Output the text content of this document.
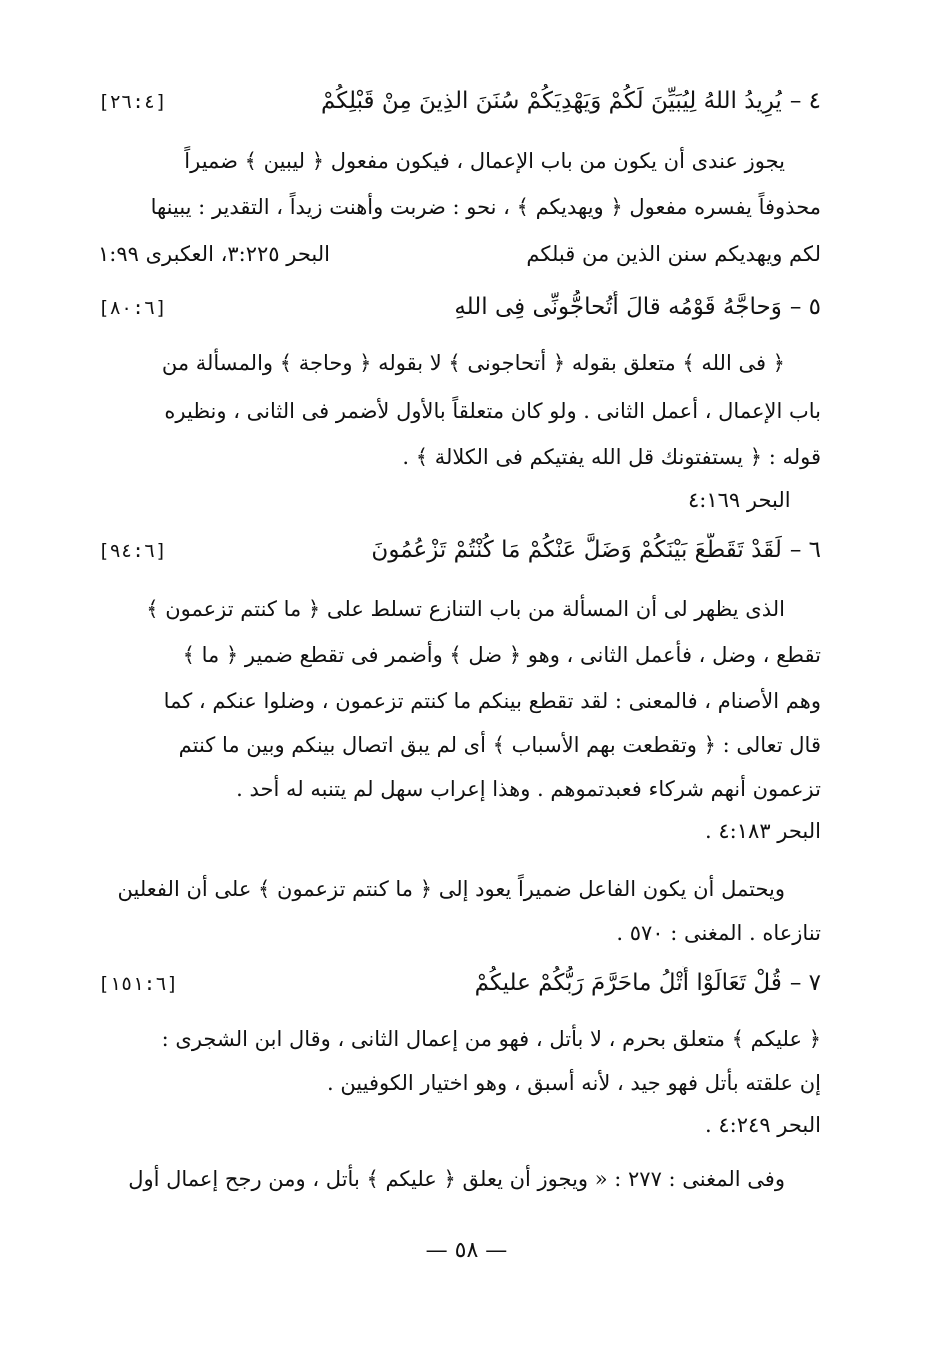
٤ –يُرِيدُ اللهُ لِيُبَيِّنَ لَكُمْ وَيَهْدِيَكُمْ سُنَنَ الذِينَ مِنْ قَبْلِكُمْ
[٢٦:٤]
يجوز عندى أن يكون من باب الإعمال ، فيكون مفعول ﴿ ليبين ﴾ ضميراً
محذوفاً يفسره مفعول ﴿ ويهديكم ﴾ ، نحو : ضربت وأهنت زيداً ، التقدير : يبينها
لكم ويهديكم سنن الذين من قبلكم
البحر ٣:٢٢٥، العكبرى ١:٩٩
٥ –وَحاجَّهُ قَوْمُه قالَ أَتُحاجُّونِّى فِى اللهِ
[٨٠:٦]
﴿ فى الله ﴾ متعلق بقوله ﴿ أتحاجونى ﴾ لا بقوله ﴿ وحاجة ﴾ والمسألة من
باب الإعمال ، أعمل الثانى . ولو كان متعلقاً بالأول لأضمر فى الثانى ، ونظيره
قوله : ﴿ يستفتونك قل الله يفتيكم فى الكلالة ﴾ .
البحر ٤:١٦٩
٦ –لَقَدْ تَقَطَّعَ بَيْنَكُمْ وَضَلَّ عَنْكُمْ مَا كُنْتُمْ تَزْعُمُونَ
[٩٤:٦]
الذى يظهر لى أن المسألة من باب التنازع تسلط على ﴿ ما كنتم تزعمون ﴾
تقطع ، وضل ، فأعمل الثانى ، وهو ﴿ ضل ﴾ وأضمر فى تقطع ضمير ﴿ ما ﴾
وهم الأصنام ، فالمعنى : لقد تقطع بينكم ما كنتم تزعمون ، وضلوا عنكم ، كما
قال تعالى : ﴿ وتقطعت بهم الأسباب ﴾ أى لم يبق اتصال بينكم وبين ما كنتم
تزعمون أنهم شركاء فعبدتموهم . وهذا إعراب سهل لم يتنبه له أحد .
البحر ٤:١٨٣ .
ويحتمل أن يكون الفاعل ضميراً يعود إلى ﴿ ما كنتم تزعمون ﴾ على أن الفعلين
تنازعاه . المغنى : ٥٧٠ .
٧ –قُلْ تَعَالَوْا أَتْلُ ماحَرَّمَ رَبُّكُمْ عليكُمْ
[١٥١:٦]
﴿ عليكم ﴾ متعلق بحرم ، لا بأتل ، فهو من إعمال الثانى ، وقال ابن الشجرى :
إن علقته بأتل فهو جيد ، لأنه أسبق ، وهو اختيار الكوفيين .
البحر ٤:٢٤٩ .
وفى المغنى : ٢٧٧ : « ويجوز أن يعلق ﴿ عليكم ﴾ بأتل ، ومن رجح إعمال أول
— ٥٨ —
